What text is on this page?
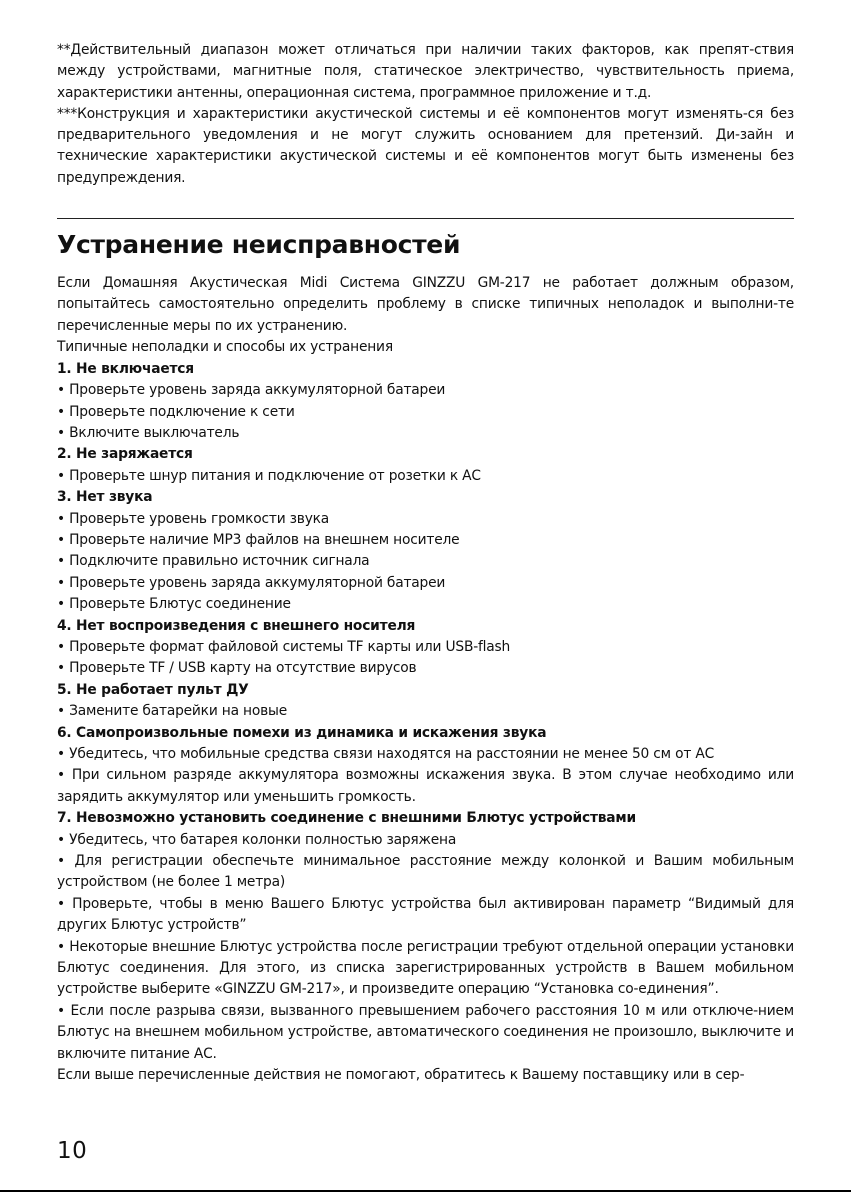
**Действительный диапазон может отличаться при наличии таких факторов, как препят-ствия между устройствами, магнитные поля, статическое электричество, чувствительность приема, характеристики антенны, операционная система, программное приложение и т.д.

***Конструкция и характеристики акустической системы и её компонентов могут изменять-ся без предварительного уведомления и не могут служить основанием для претензий. Ди-зайн и технические характеристики акустической системы и её компонентов могут быть изменены без предупреждения.

Устранение неисправностей

Если Домашняя Акустическая Midi Система GINZZU GM-217 не работает должным образом, попытайтесь самостоятельно определить проблему в списке типичных неполадок и выполни-те перечисленные меры по их устранению.

Типичные неполадки и способы их устранения

1. Не включается

• Проверьте уровень заряда аккумуляторной батареи

• Проверьте подключение к сети

• Включите выключатель

2. Не заряжается

• Проверьте шнур питания и подключение от розетки к АС

3. Нет звука

• Проверьте уровень громкости звука

• Проверьте наличие MP3 файлов на внешнем носителе

• Подключите правильно источник сигнала

• Проверьте уровень заряда аккумуляторной батареи

• Проверьте Блютус соединение

4. Нет воспроизведения с внешнего носителя

• Проверьте формат файловой системы TF карты или USB-flash

• Проверьте TF / USB карту на отсутствие вирусов

5. Не работает пульт ДУ

• Замените батарейки на новые

6. Самопроизвольные помехи из динамика и искажения звука

• Убедитесь, что мобильные средства связи находятся на расстоянии не менее 50 см от АС

• При сильном разряде аккумулятора возможны искажения звука. В этом случае необходимо или зарядить аккумулятор или уменьшить громкость.

7. Невозможно установить соединение с внешними Блютус устройствами

• Убедитесь, что батарея колонки полностью заряжена

• Для регистрации обеспечьте минимальное расстояние между колонкой и Вашим мобильным устройством (не более 1 метра)

• Проверьте, чтобы в меню Вашего Блютус устройства был активирован параметр “Видимый для других Блютус устройств”

• Некоторые внешние Блютус устройства после регистрации требуют отдельной операции установки Блютус соединения. Для этого, из списка зарегистрированных устройств в Вашем мобильном устройстве выберите «GINZZU GM-217», и произведите операцию “Установка со-единения”.

• Если после разрыва связи, вызванного превышением рабочего расстояния 10 м или отключе-нием Блютус на внешнем мобильном устройстве, автоматического соединения не произошло, выключите и включите питание АС.

Если выше перечисленные действия не помогают, обратитесь к Вашему поставщику или в сер-

10
